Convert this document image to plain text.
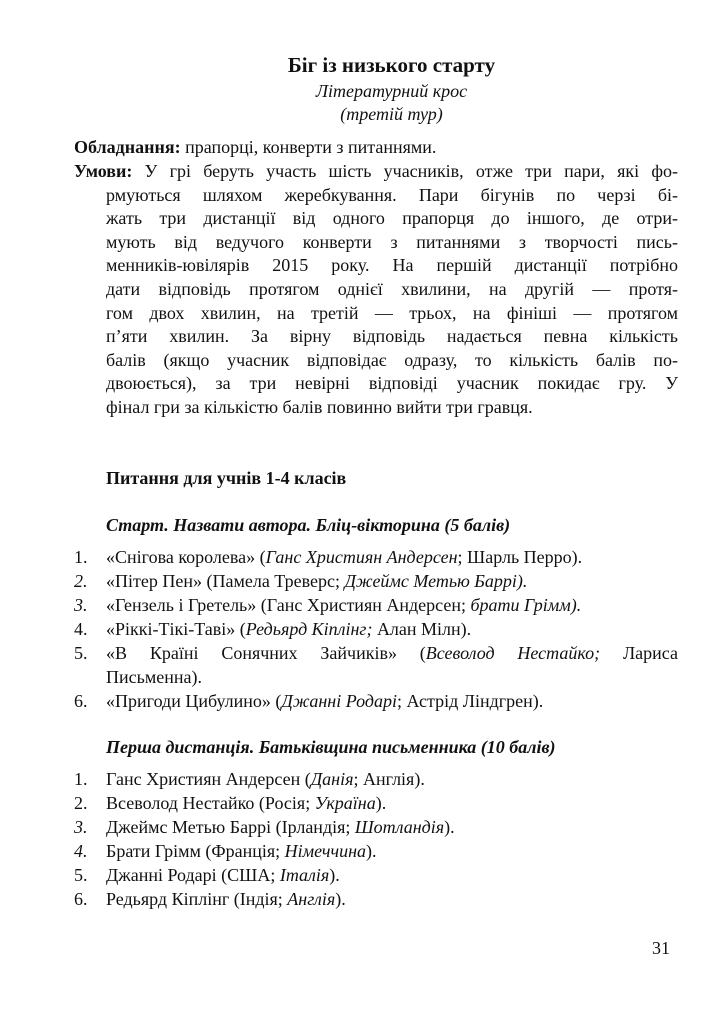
Біг із низького старту
Літературний крос
(третій тур)
Обладнання: прапорці, конверти з питаннями.
Умови: У грі беруть участь шість учасників, отже три пари, які фо-
рмуються шляхом жеребкування. Пари бігунів по черзі бі-
жать три дистанції від одного прапорця до іншого, де отри-
мують від ведучого конверти з питаннями з творчості пись-
менників-ювілярів 2015 року. На першій дистанції потрібно
дати відповідь протягом однієї хвилини, на другій — протя-
гом двох хвилин, на третій — трьох, на фініші — протягом
п’яти хвилин. За вірну відповідь надається певна кількість
балів (якщо учасник відповідає одразу, то кількість балів по-
двоюється), за три невірні відповіді учасник покидає гру. У
фінал гри за кількістю балів повинно вийти три гравця.
Питання для учнів 1-4 класів
Старт. Назвати автора. Бліц-вікторина (5 балів)
1.	«Снігова королева» (Ганс Християн Андерсен; Шарль Перро).
2.	«Пітер Пен» (Памела Треверс; Джеймс Метью Баррі).
3.	«Гензель і Гретель» (Ганс Християн Андерсен; брати Грімм).
4.	«Ріккі-Тікі-Таві» (Редьярд Кіплінг; Алан Мілн).
5.	«В Країні Сонячних Зайчиків» (Всеволод Нестайко; Лариса
Письменна).
6.	«Пригоди Цибулино» (Джанні Родарі; Астрід Ліндгрен).
Перша дистанція. Батьківщина письменника (10 балів)
1.	Ганс Християн Андерсен (Данія; Англія).
2.	Всеволод Нестайко (Росія; Україна).
3.	Джеймс Метью Баррі (Ірландія; Шотландія).
4.	Брати Грімм (Франція; Німеччина).
5.	Джанні Родарі (США; Італія).
6.	Редьярд Кіплінг (Індія; Англія).
31
